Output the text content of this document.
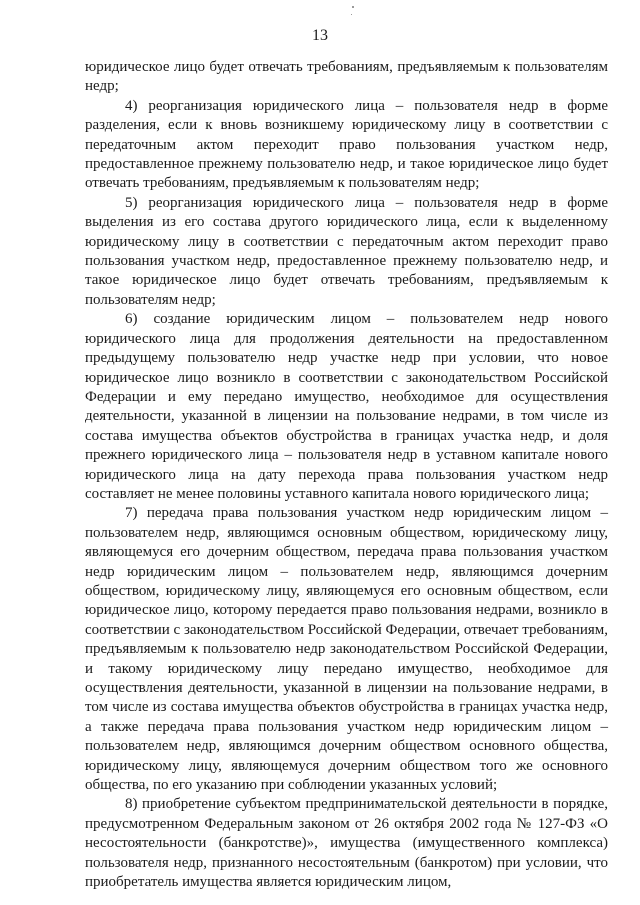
13

юридическое лицо будет отвечать требованиям, предъявляемым к пользователям недр;

4) реорганизация юридического лица – пользователя недр в форме разделения, если к вновь возникшему юридическому лицу в соответствии с передаточным актом переходит право пользования участком недр, предоставленное прежнему пользователю недр, и такое юридическое лицо будет отвечать требованиям, предъявляемым к пользователям недр;

5) реорганизация юридического лица – пользователя недр в форме выделения из его состава другого юридического лица, если к выделенному юридическому лицу в соответствии с передаточным актом переходит право пользования участком недр, предоставленное прежнему пользователю недр, и такое юридическое лицо будет отвечать требованиям, предъявляемым к пользователям недр;

6) создание юридическим лицом – пользователем недр нового юридического лица для продолжения деятельности на предоставленном предыдущему пользователю недр участке недр при условии, что новое юридическое лицо возникло в соответствии с законодательством Российской Федерации и ему передано имущество, необходимое для осуществления деятельности, указанной в лицензии на пользование недрами, в том числе из состава имущества объектов обустройства в границах участка недр, и доля прежнего юридического лица – пользователя недр в уставном капитале нового юридического лица на дату перехода права пользования участком недр составляет не менее половины уставного капитала нового юридического лица;

7) передача права пользования участком недр юридическим лицом – пользователем недр, являющимся основным обществом, юридическому лицу, являющемуся его дочерним обществом, передача права пользования участком недр юридическим лицом – пользователем недр, являющимся дочерним обществом, юридическому лицу, являющемуся его основным обществом, если юридическое лицо, которому передается право пользования недрами, возникло в соответствии с законодательством Российской Федерации, отвечает требованиям, предъявляемым к пользователю недр законодательством Российской Федерации, и такому юридическому лицу передано имущество, необходимое для осуществления деятельности, указанной в лицензии на пользование недрами, в том числе из состава имущества объектов обустройства в границах участка недр, а также передача права пользования участком недр юридическим лицом – пользователем недр, являющимся дочерним обществом основного общества, юридическому лицу, являющемуся дочерним обществом того же основного общества, по его указанию при соблюдении указанных условий;

8) приобретение субъектом предпринимательской деятельности в порядке, предусмотренном Федеральным законом от 26 октября 2002 года № 127-ФЗ «О несостоятельности (банкротстве)», имущества (имущественного комплекса) пользователя недр, признанного несостоятельным (банкротом) при условии, что приобретатель имущества является юридическим лицом,
